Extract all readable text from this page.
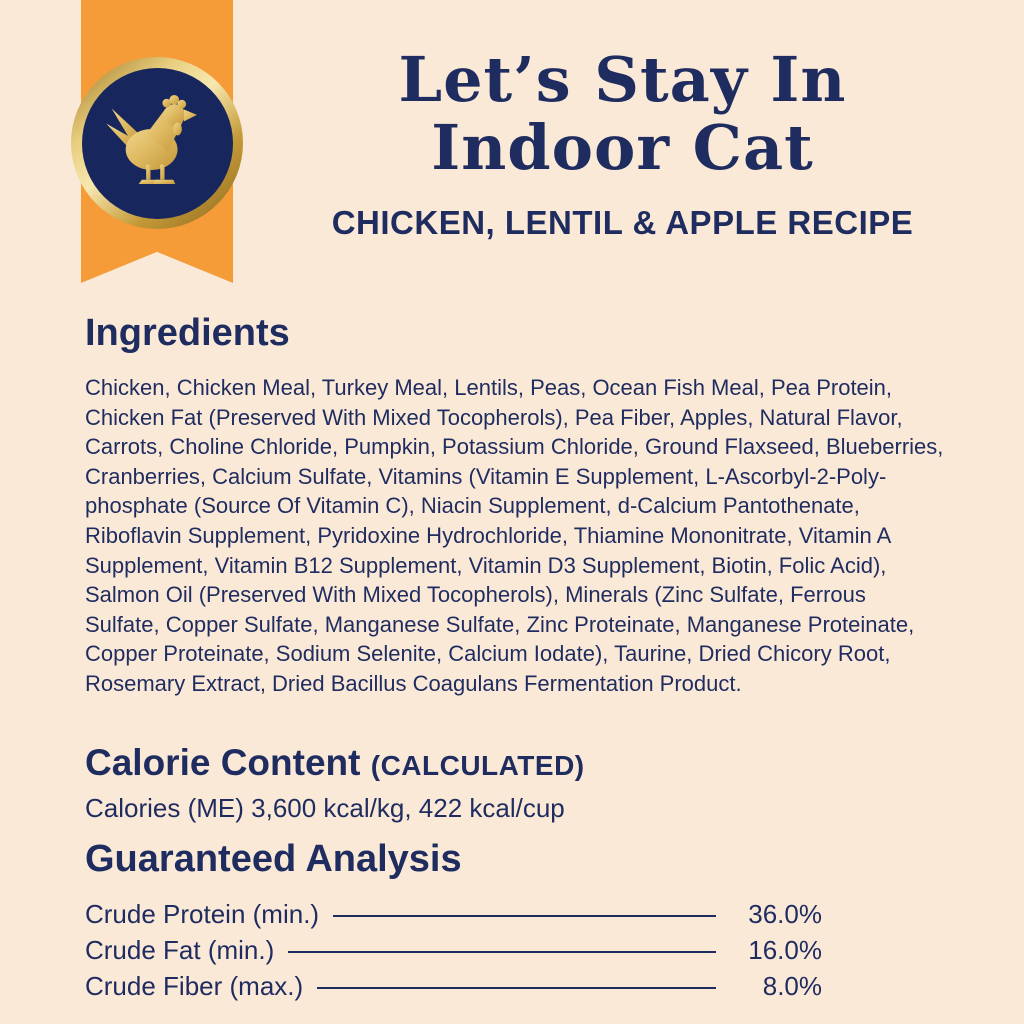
Let’s Stay In
Indoor Cat
CHICKEN, LENTIL & APPLE RECIPE
Ingredients
Chicken, Chicken Meal, Turkey Meal, Lentils, Peas, Ocean Fish Meal, Pea Protein,
Chicken Fat (Preserved With Mixed Tocopherols), Pea Fiber, Apples, Natural Flavor,
Carrots, Choline Chloride, Pumpkin, Potassium Chloride, Ground Flaxseed, Blueberries,
Cranberries, Calcium Sulfate, Vitamins (Vitamin E Supplement, L-Ascorbyl-2-Poly-
phosphate (Source Of Vitamin C), Niacin Supplement, d-Calcium Pantothenate,
Riboflavin Supplement, Pyridoxine Hydrochloride, Thiamine Mononitrate, Vitamin A
Supplement, Vitamin B12 Supplement, Vitamin D3 Supplement, Biotin, Folic Acid),
Salmon Oil (Preserved With Mixed Tocopherols), Minerals (Zinc Sulfate, Ferrous
Sulfate, Copper Sulfate, Manganese Sulfate, Zinc Proteinate, Manganese Proteinate,
Copper Proteinate, Sodium Selenite, Calcium Iodate), Taurine, Dried Chicory Root,
Rosemary Extract, Dried Bacillus Coagulans Fermentation Product.
Calorie Content (CALCULATED)
Calories (ME) 3,600 kcal/kg, 422 kcal/cup
Guaranteed Analysis
Crude Protein (min.)	36.0%
Crude Fat (min.)	16.0%
Crude Fiber (max.)	8.0%
